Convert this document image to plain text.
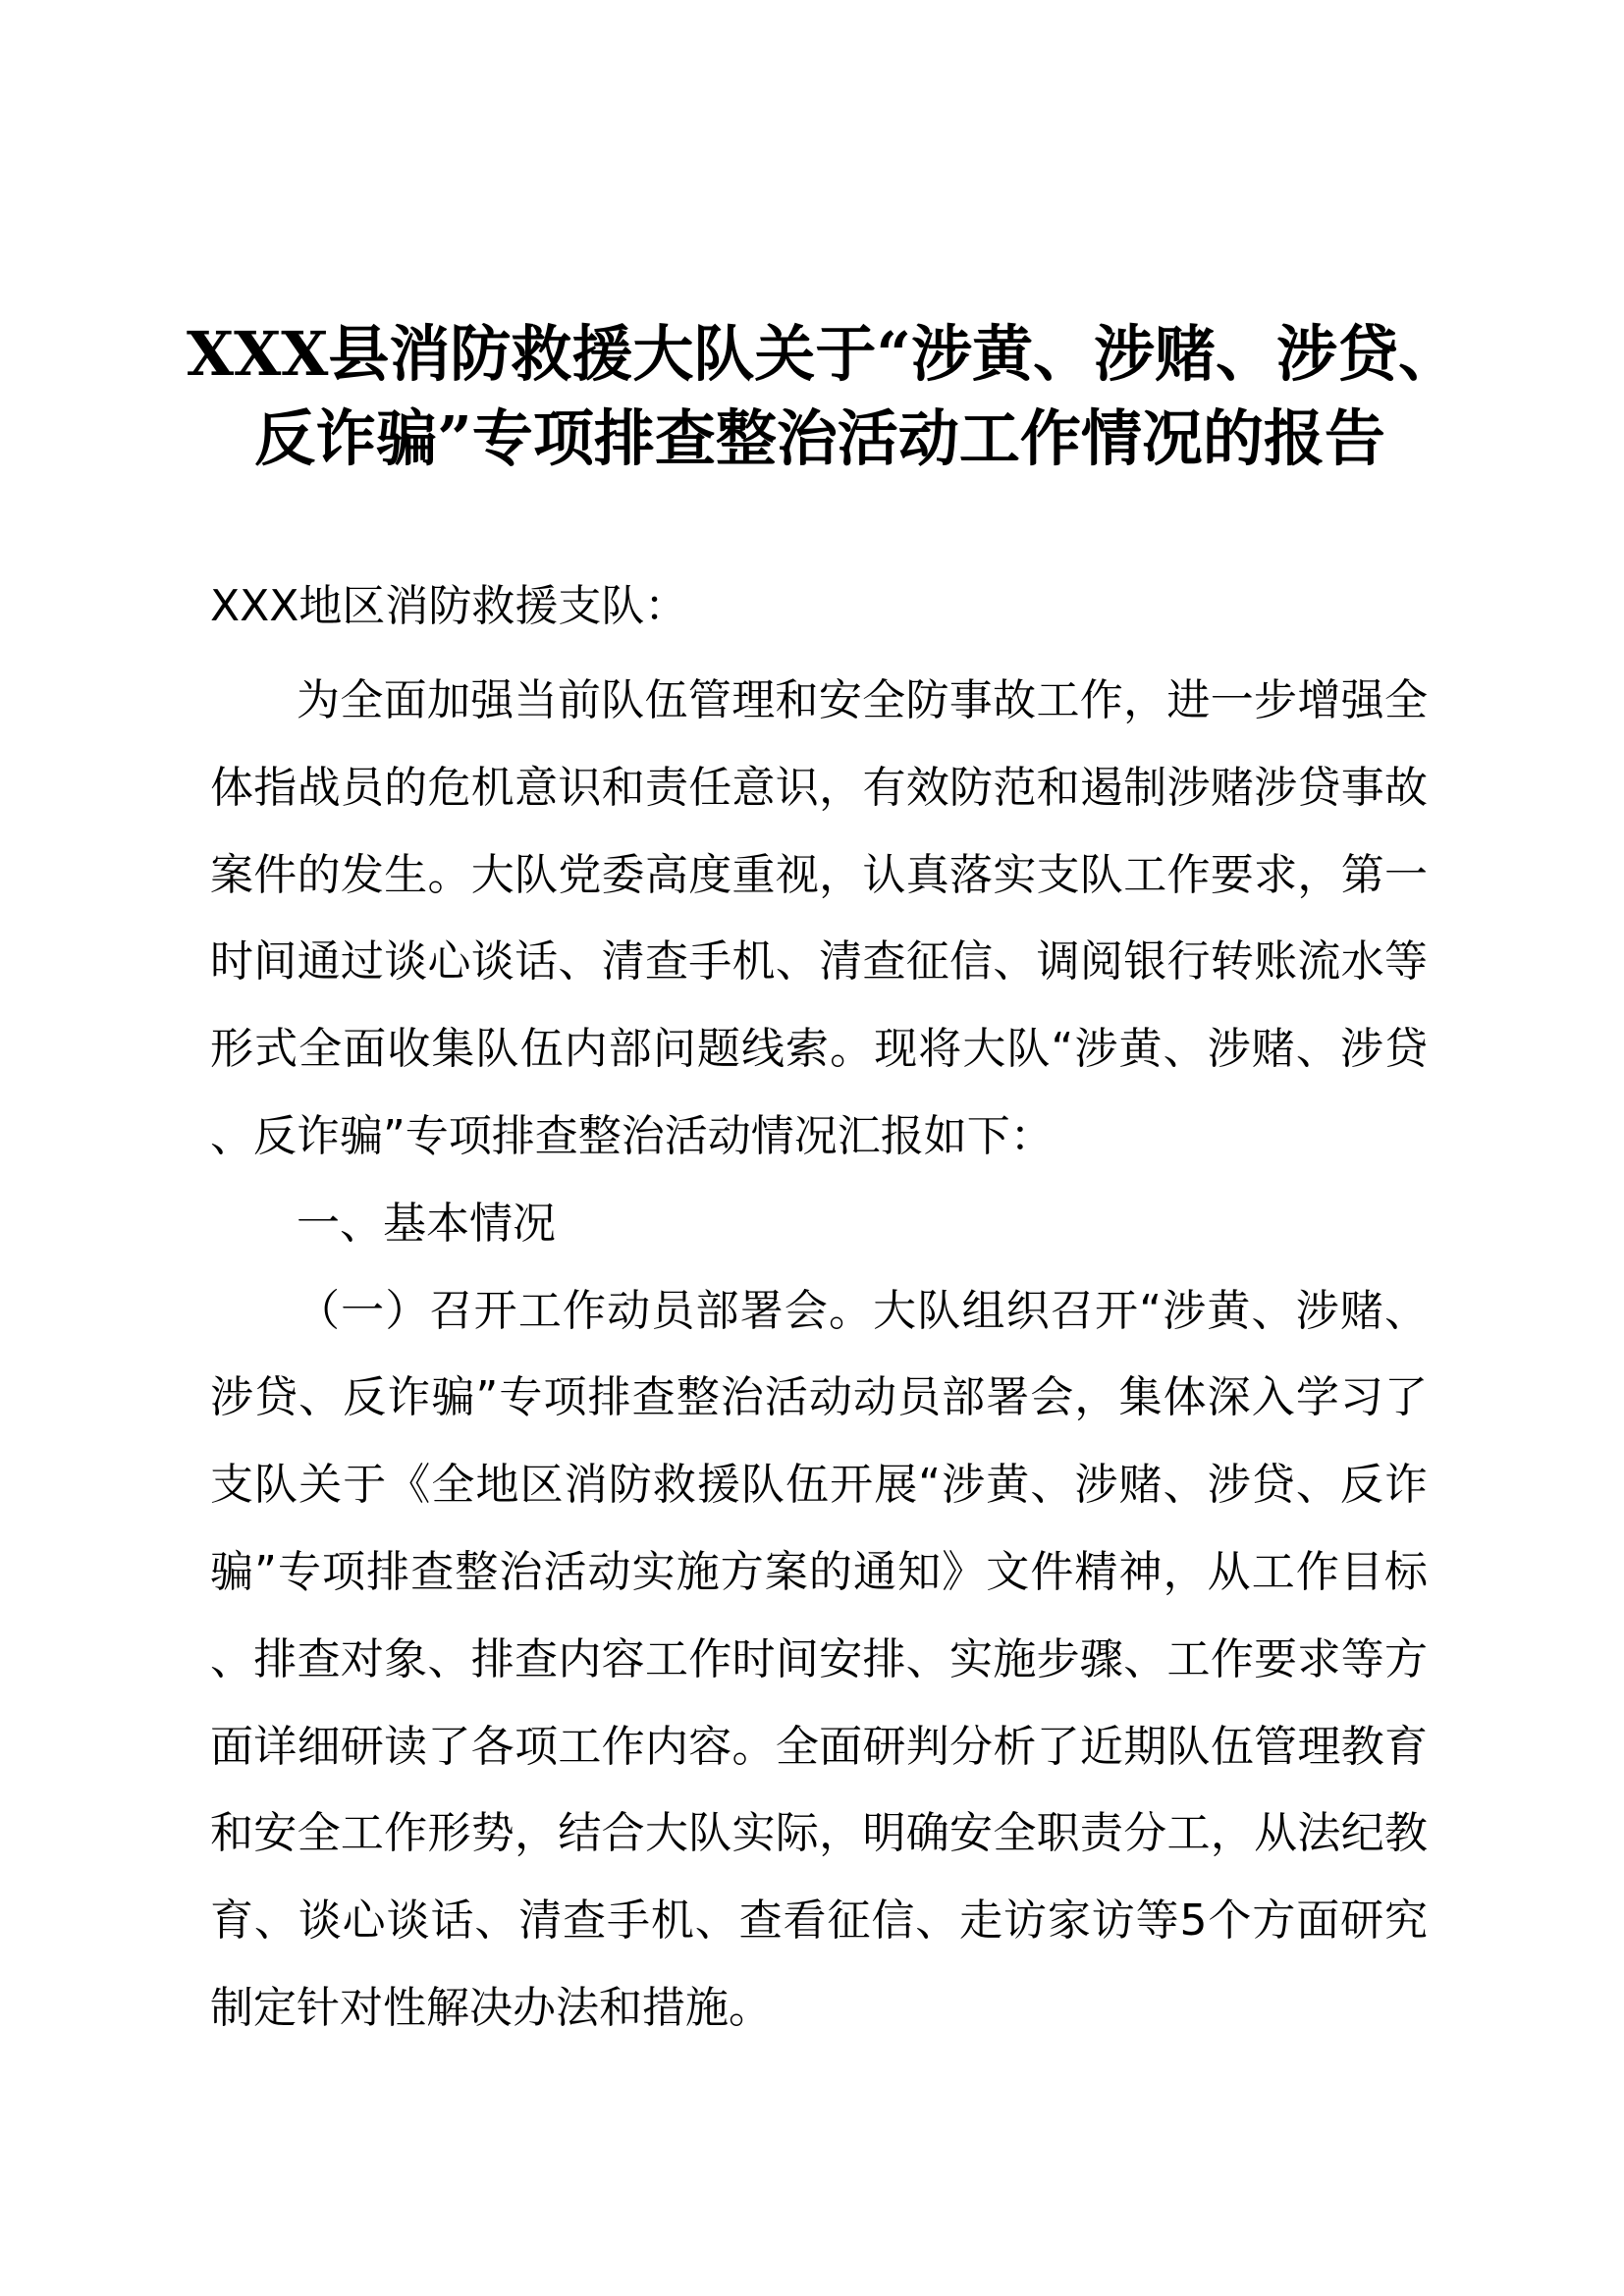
XXX县消防救援大队关于“涉黄、涉赌、涉贷、
反诈骗”专项排查整治活动工作情况的报告

XXX地区消防救援支队：

为全面加强当前队伍管理和安全防事故工作，进一步增强全体指战员的危机意识和责任意识，有效防范和遏制涉赌涉贷事故案件的发生。大队党委高度重视，认真落实支队工作要求，第一时间通过谈心谈话、清查手机、清查征信、调阅银行转账流水等形式全面收集队伍内部问题线索。现将大队“涉黄、涉赌、涉贷、反诈骗”专项排查整治活动情况汇报如下：

一、基本情况

（一）召开工作动员部署会。大队组织召开“涉黄、涉赌、涉贷、反诈骗”专项排查整治活动动员部署会，集体深入学习了支队关于《全地区消防救援队伍开展“涉黄、涉赌、涉贷、反诈骗”专项排查整治活动实施方案的通知》文件精神，从工作目标、排查对象、排查内容工作时间安排、实施步骤、工作要求等方面详细研读了各项工作内容。全面研判分析了近期队伍管理教育和安全工作形势，结合大队实际，明确安全职责分工，从法纪教育、谈心谈话、清查手机、查看征信、走访家访等5个方面研究制定针对性解决办法和措施。
